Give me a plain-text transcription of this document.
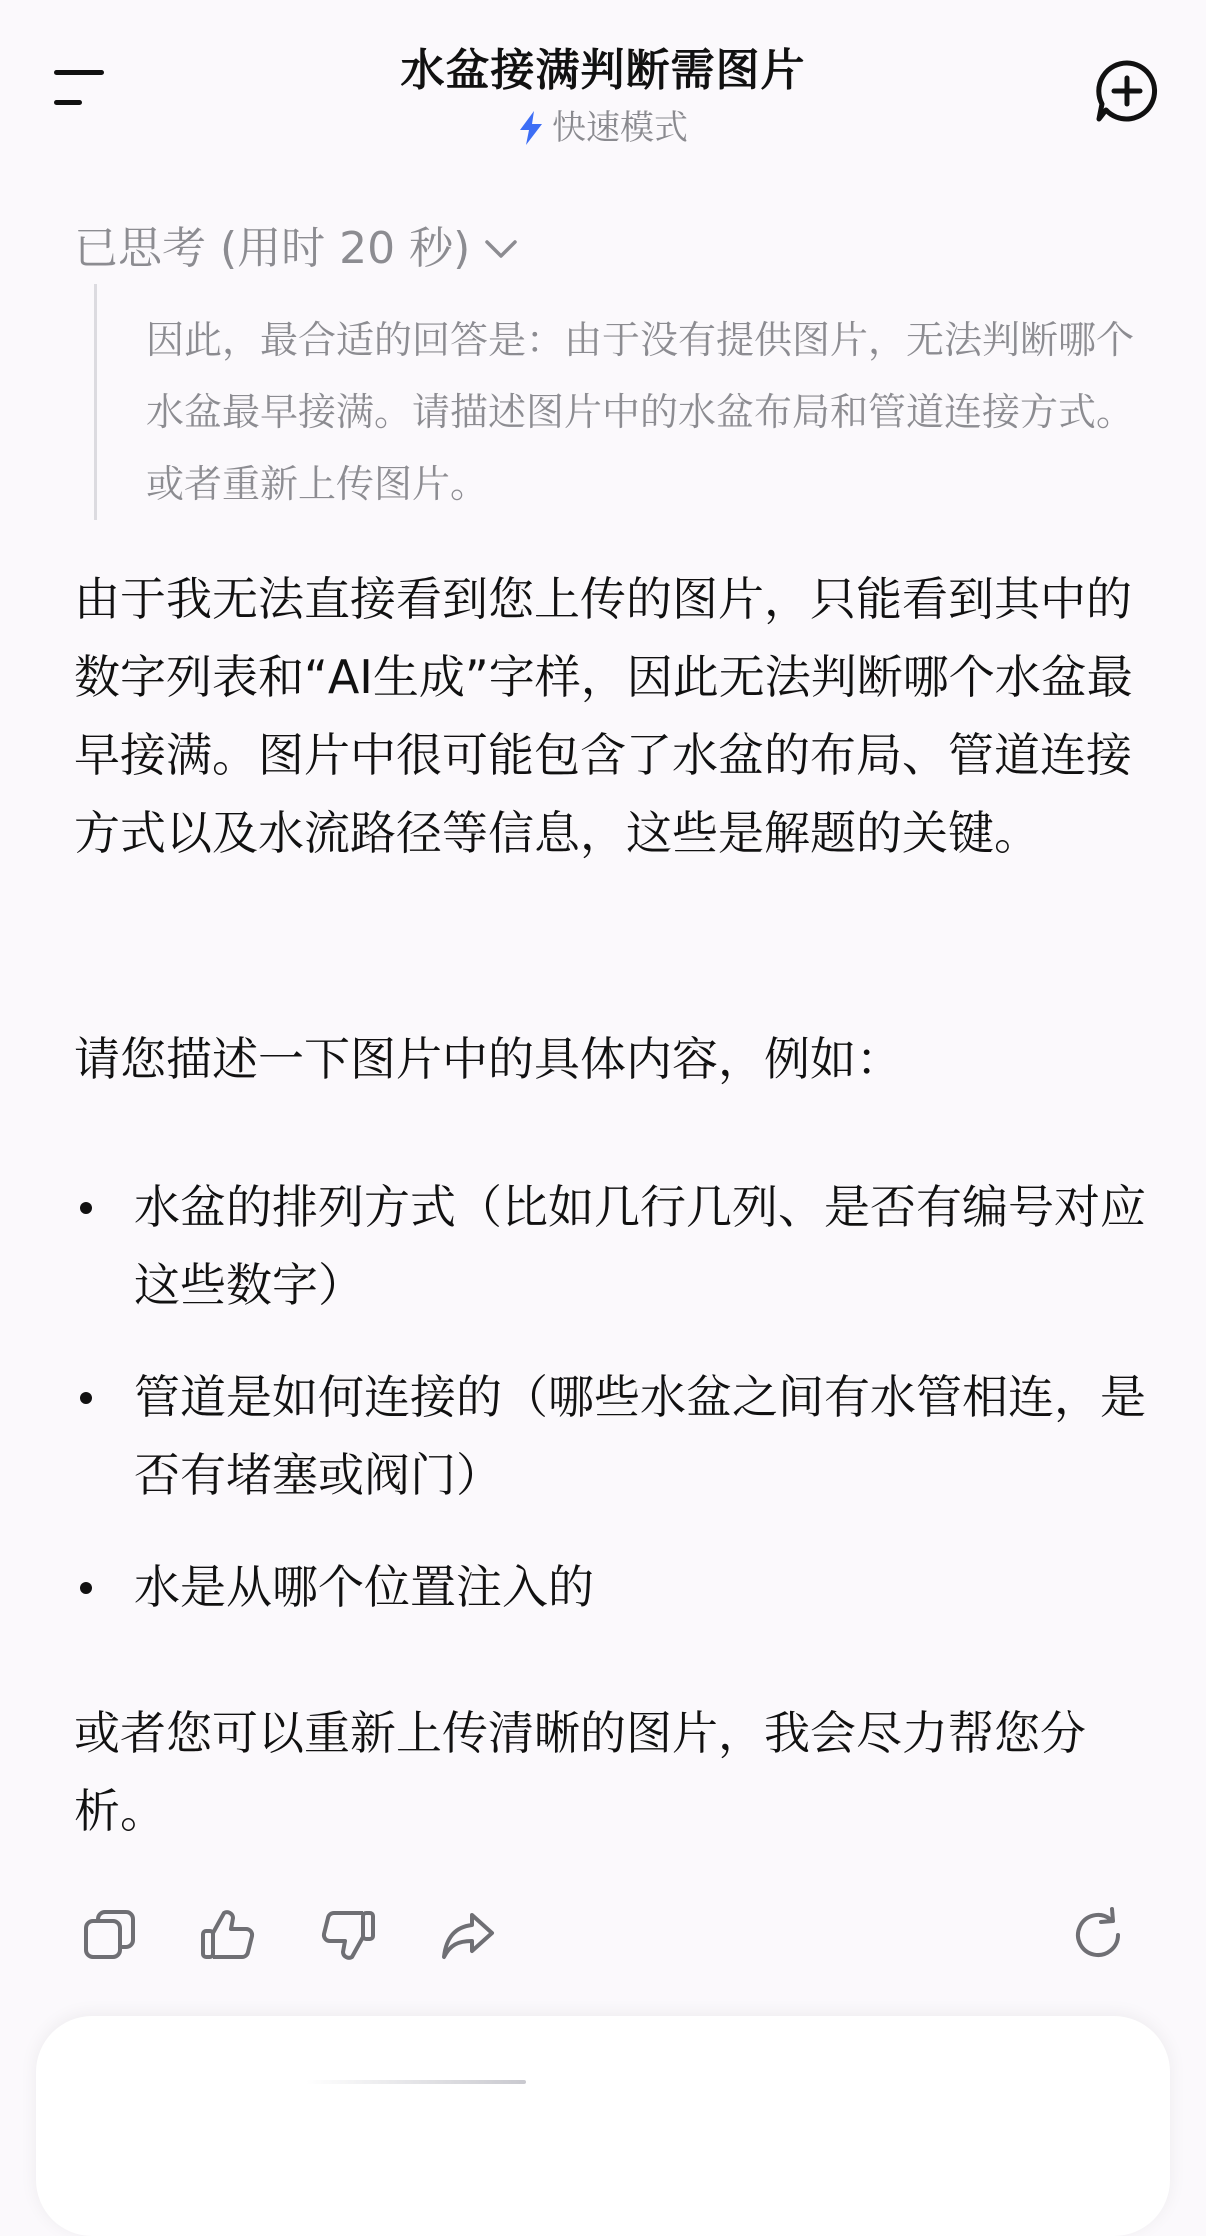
水盆接满判断需图片
快速模式
已思考 (用时 20 秒)
因此，最合适的回答是：由于没有提供图片，无法判断哪个水盆最早接满。请描述图片中的水盆布局和管道连接方式。或者重新上传图片。
由于我无法直接看到您上传的图片，只能看到其中的数字列表和“AI生成”字样，因此无法判断哪个水盆最早接满。图片中很可能包含了水盆的布局、管道连接方式以及水流路径等信息，这些是解题的关键。
请您描述一下图片中的具体内容，例如：
水盆的排列方式（比如几行几列、是否有编号对应这些数字）
管道是如何连接的（哪些水盆之间有水管相连，是否有堵塞或阀门）
水是从哪个位置注入的
或者您可以重新上传清晰的图片，我会尽力帮您分析。
